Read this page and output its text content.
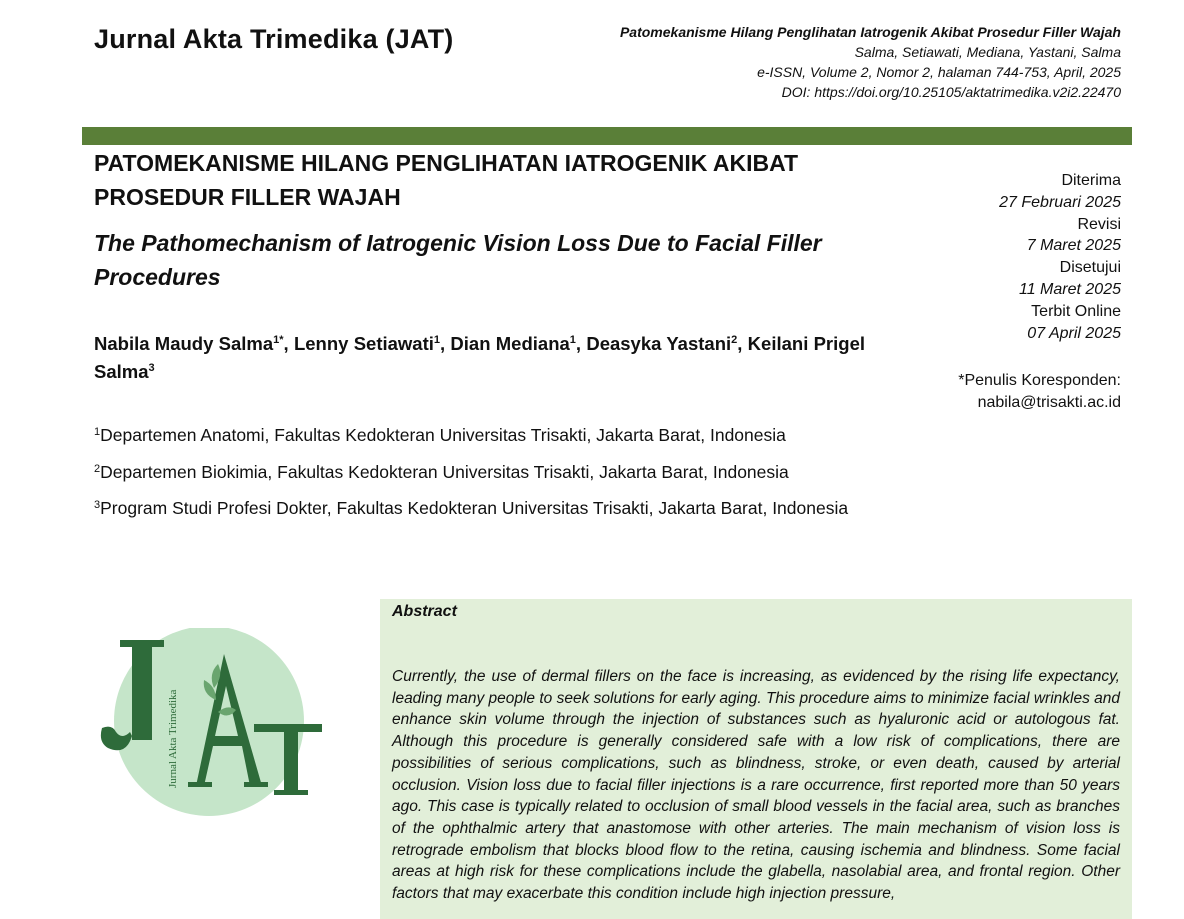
Jurnal Akta Trimedika (JAT)	Patomekanisme Hilang Penglihatan Iatrogenik Akibat Prosedur Filler Wajah
Salma, Setiawati, Mediana, Yastani, Salma
e-ISSN, Volume 2, Nomor 2, halaman 744-753, April, 2025
DOI: https://doi.org/10.25105/aktatrimedika.v2i2.22470
PATOMEKANISME HILANG PENGLIHATAN IATROGENIK AKIBAT PROSEDUR FILLER WAJAH
The Pathomechanism of Iatrogenic Vision Loss Due to Facial Filler Procedures
Nabila Maudy Salma$^{1*}$, Lenny Setiawati$^1$, Dian Mediana$^1$, Deasyka Yastani$^2$, Keilani Prigel Salma$^3$
$^1$Departemen Anatomi, Fakultas Kedokteran Universitas Trisakti, Jakarta Barat, Indonesia
$^2$Departemen Biokimia, Fakultas Kedokteran Universitas Trisakti, Jakarta Barat, Indonesia
$^3$Program Studi Profesi Dokter, Fakultas Kedokteran Universitas Trisakti, Jakarta Barat, Indonesia
Diterima
27 Februari 2025
Revisi
7 Maret 2025
Disetujui
11 Maret 2025
Terbit Online
07 April 2025
*Penulis Koresponden:
nabila@trisakti.ac.id
Jurnal Akta Trimedika
Abstract
Currently, the use of dermal fillers on the face is increasing, as evidenced by the rising life expectancy, leading many people to seek solutions for early aging. This procedure aims to minimize facial wrinkles and enhance skin volume through the injection of substances such as hyaluronic acid or autologous fat. Although this procedure is generally considered safe with a low risk of complications, there are possibilities of serious complications, such as blindness, stroke, or even death, caused by arterial occlusion. Vision loss due to facial filler injections is a rare occurrence, first reported more than 50 years ago. This case is typically related to occlusion of small blood vessels in the facial area, such as branches of the ophthalmic artery that anastomose with other arteries. The main mechanism of vision loss is retrograde embolism that blocks blood flow to the retina, causing ischemia and blindness. Some facial areas at high risk for these complications include the glabella, nasolabial area, and frontal region. Other factors that may exacerbate this condition include high injection pressure,
